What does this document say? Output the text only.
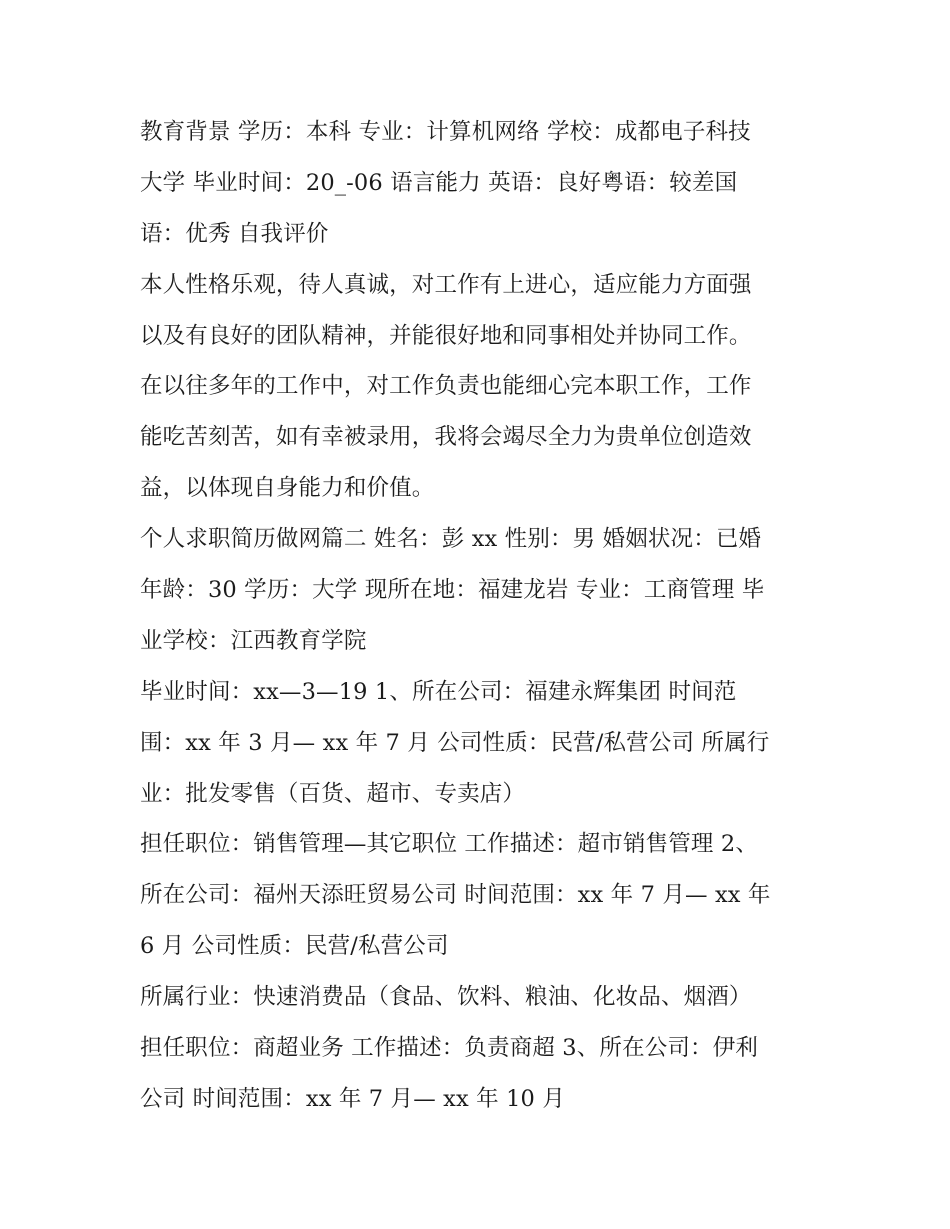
教育背景 学历：本科 专业：计算机网络 学校：成都电子科技
大学 毕业时间：20_-06 语言能力 英语：良好粤语：较差国
语：优秀 自我评价
本人性格乐观，待人真诚，对工作有上进心，适应能力方面强
以及有良好的团队精神，并能很好地和同事相处并协同工作。
在以往多年的工作中，对工作负责也能细心完本职工作，工作
能吃苦刻苦，如有幸被录用，我将会竭尽全力为贵单位创造效
益，以体现自身能力和价值。
个人求职简历做网篇二 姓名：彭 xx 性别：男 婚姻状况：已婚
年龄：30 学历：大学 现所在地：福建龙岩 专业：工商管理 毕
业学校：江西教育学院
毕业时间：xx—3—19 1、所在公司：福建永辉集团 时间范
围：xx 年 3 月— xx 年 7 月 公司性质：民营/私营公司 所属行
业：批发零售（百货、超市、专卖店）
担任职位：销售管理—其它职位 工作描述：超市销售管理 2、
所在公司：福州天添旺贸易公司 时间范围：xx 年 7 月— xx 年
6 月 公司性质：民营/私营公司
所属行业：快速消费品（食品、饮料、粮油、化妆品、烟酒）
担任职位：商超业务 工作描述：负责商超 3、所在公司：伊利
公司 时间范围：xx 年 7 月— xx 年 10 月
